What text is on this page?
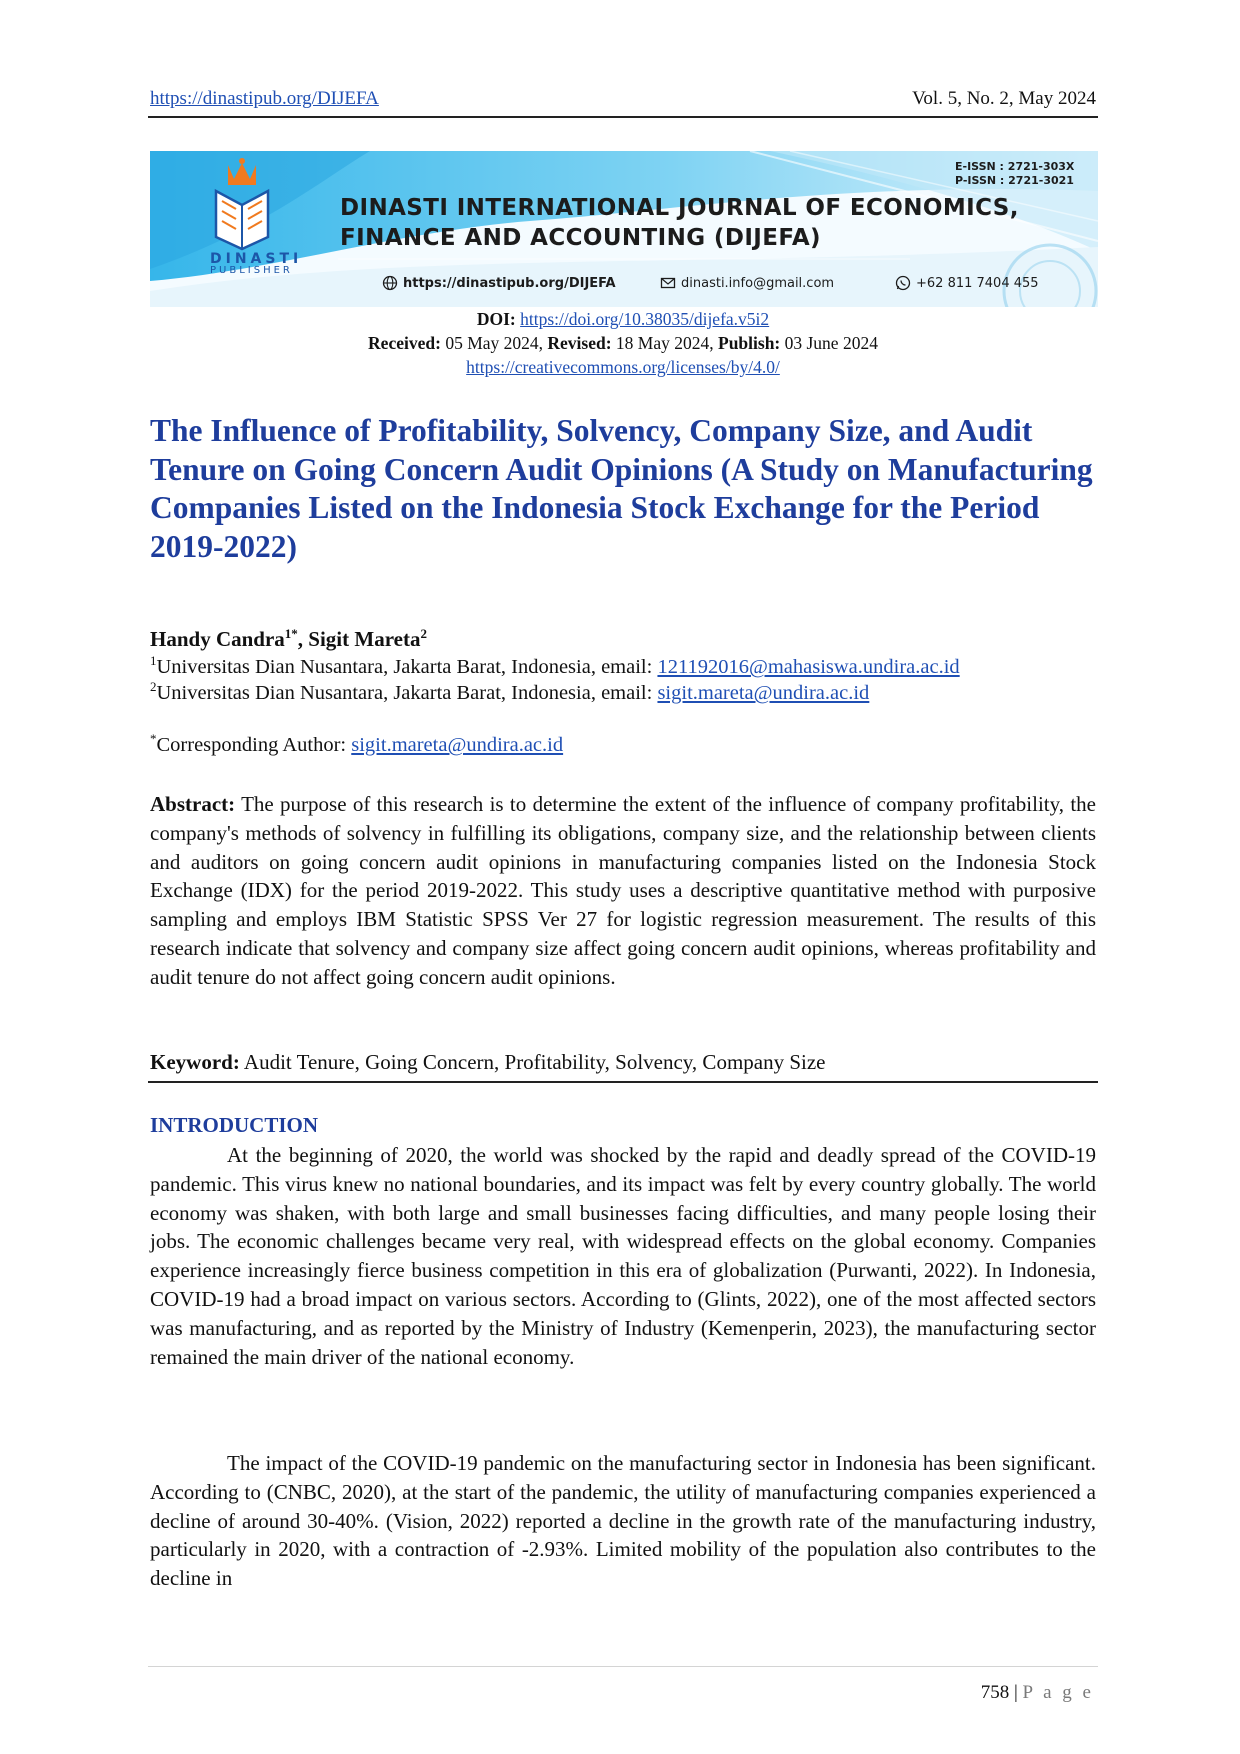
https://dinastipub.org/DIJEFA	Vol. 5, No. 2, May 2024
DINASTI
PUBLISHER
E-ISSN : 2721-303X
P-ISSN : 2721-3021
DINASTI INTERNATIONAL JOURNAL OF ECONOMICS,
FINANCE AND ACCOUNTING (DIJEFA)
https://dinastipub.org/DIJEFA	dinasti.info@gmail.com	+62 811 7404 455
DOI: https://doi.org/10.38035/dijefa.v5i2
Received: 05 May 2024, Revised: 18 May 2024, Publish: 03 June 2024
https://creativecommons.org/licenses/by/4.0/
The Influence of Profitability, Solvency, Company Size, and Audit Tenure on Going Concern Audit Opinions (A Study on Manufacturing Companies Listed on the Indonesia Stock Exchange for the Period 2019-2022)
Handy Candra$^{1*}$, Sigit Mareta$^2$
$^1$Universitas Dian Nusantara, Jakarta Barat, Indonesia, email: 121192016@mahasiswa.undira.ac.id
$^2$Universitas Dian Nusantara, Jakarta Barat, Indonesia, email: sigit.mareta@undira.ac.id
*Corresponding Author: sigit.mareta@undira.ac.id

Abstract: The purpose of this research is to determine the extent of the influence of company profitability, the company's methods of solvency in fulfilling its obligations, company size, and the relationship between clients and auditors on going concern audit opinions in manufacturing companies listed on the Indonesia Stock Exchange (IDX) for the period 2019-2022. This study uses a descriptive quantitative method with purposive sampling and employs IBM Statistic SPSS Ver 27 for logistic regression measurement. The results of this research indicate that solvency and company size affect going concern audit opinions, whereas profitability and audit tenure do not affect going concern audit opinions.

Keyword: Audit Tenure, Going Concern, Profitability, Solvency, Company Size
INTRODUCTION

At the beginning of 2020, the world was shocked by the rapid and deadly spread of the COVID-19 pandemic. This virus knew no national boundaries, and its impact was felt by every country globally. The world economy was shaken, with both large and small businesses facing difficulties, and many people losing their jobs. The economic challenges became very real, with widespread effects on the global economy. Companies experience increasingly fierce business competition in this era of globalization (Purwanti, 2022). In Indonesia, COVID-19 had a broad impact on various sectors. According to (Glints, 2022), one of the most affected sectors was manufacturing, and as reported by the Ministry of Industry (Kemenperin, 2023), the manufacturing sector remained the main driver of the national economy.

The impact of the COVID-19 pandemic on the manufacturing sector in Indonesia has been significant. According to (CNBC, 2020), at the start of the pandemic, the utility of manufacturing companies experienced a decline of around 30-40%. (Vision, 2022) reported a decline in the growth rate of the manufacturing industry, particularly in 2020, with a contraction of -2.93%. Limited mobility of the population also contributes to the decline in

758 | P a g e
